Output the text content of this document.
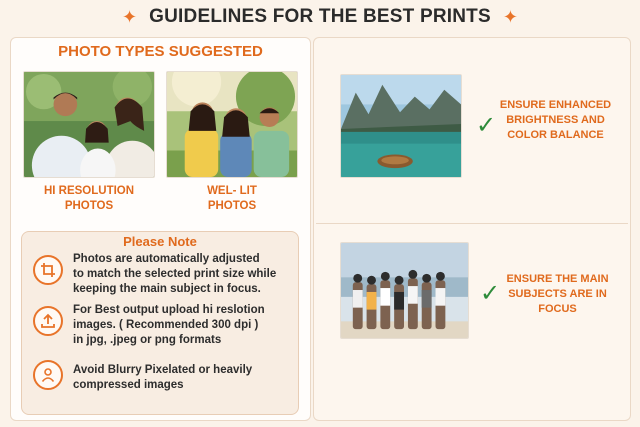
✦ GUIDELINES FOR THE BEST PRINTS ✦
PHOTO TYPES SUGGESTED
HI RESOLUTION
PHOTOS
WEL- LIT
PHOTOS
Please Note
Photos are automatically adjusted
to match the selected print size while
keeping the main subject in focus.
For Best output upload hi reslotion
images. ( Recommended 300 dpi )
in jpg, .jpeg or png formats
Avoid Blurry Pixelated or heavily
compressed images
✓
ENSURE ENHANCED
BRIGHTNESS AND
COLOR BALANCE
✓
ENSURE THE MAIN
SUBJECTS ARE IN
FOCUS
